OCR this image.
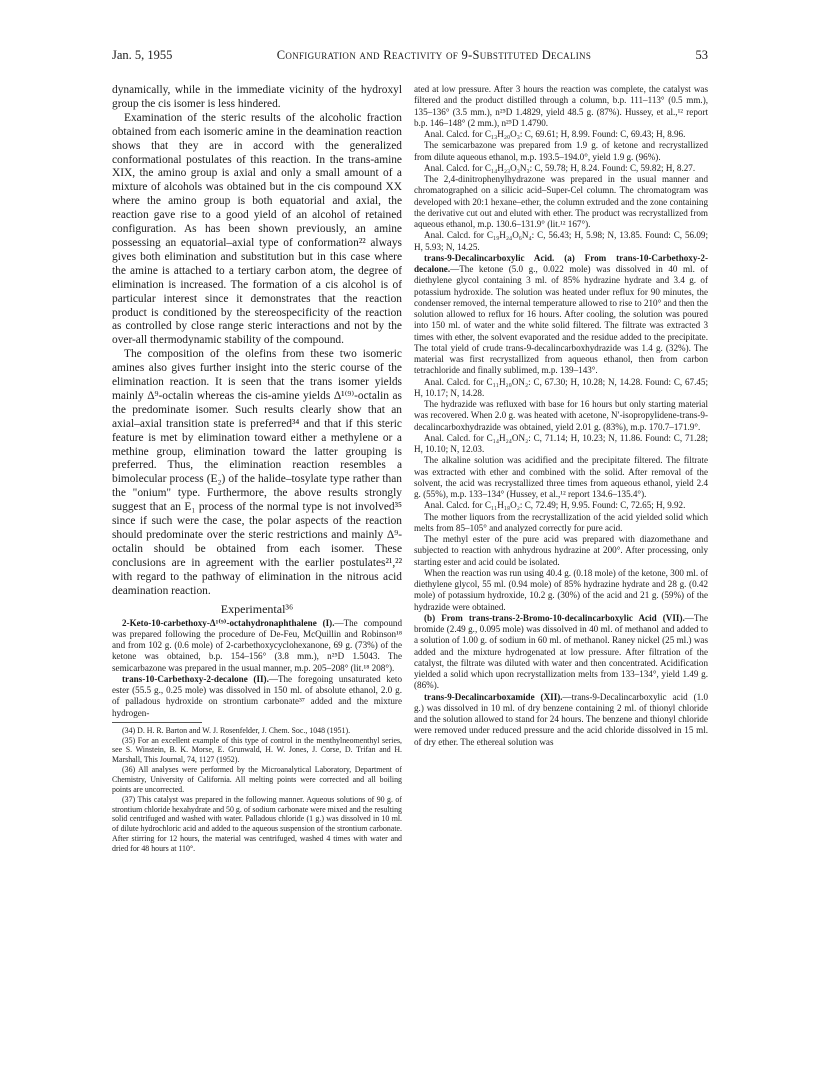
Jan. 5, 1955	Configuration and Reactivity of 9-Substituted Decalins	53

dynamically, while in the immediate vicinity of the hydroxyl group the cis isomer is less hindered.

Examination of the steric results of the alcoholic fraction obtained from each isomeric amine in the deamination reaction shows that they are in accord with the generalized conformational postulates of this reaction. In the trans-amine XIX, the amino group is axial and only a small amount of a mixture of alcohols was obtained but in the cis compound XX where the amino group is both equatorial and axial, the reaction gave rise to a good yield of an alcohol of retained configuration. As has been shown previously, an amine possessing an equatorial–axial type of conformation²² always gives both elimination and substitution but in this case where the amine is attached to a tertiary carbon atom, the degree of elimination is increased. The formation of a cis alcohol is of particular interest since it demonstrates that the reaction product is conditioned by the stereospecificity of the reaction as controlled by close range steric interactions and not by the over-all thermodynamic stability of the compound.

The composition of the olefins from these two isomeric amines also gives further insight into the steric course of the elimination reaction. It is seen that the trans isomer yields mainly Δ⁹-octalin whereas the cis-amine yields Δ¹⁽⁹⁾-octalin as the predominate isomer. Such results clearly show that an axial–axial transition state is preferred³⁴ and that if this steric feature is met by elimination toward either a methylene or a methine group, elimination toward the latter grouping is preferred. Thus, the elimination reaction resembles a bimolecular process (E₂) of the halide–tosylate type rather than the "onium" type. Furthermore, the above results strongly suggest that an E₁ process of the normal type is not involved³⁵ since if such were the case, the polar aspects of the reaction should predominate over the steric restrictions and mainly Δ⁹-octalin should be obtained from each isomer. These conclusions are in agreement with the earlier postulates²¹,²² with regard to the pathway of elimination in the nitrous acid deamination reaction.

Experimental³⁶

2-Keto-10-carbethoxy-Δ¹⁽⁹⁾-octahydronaphthalene (I).—The compound was prepared following the procedure of De-Feu, McQuillin and Robinson¹⁸ and from 102 g. (0.6 mole) of 2-carbethoxycyclohexanone, 69 g. (73%) of the ketone was obtained, b.p. 154–156° (3.8 mm.), n²⁵D 1.5043. The semicarbazone was prepared in the usual manner, m.p. 205–208° (lit.¹⁸ 208°).

trans-10-Carbethoxy-2-decalone (II).—The foregoing unsaturated keto ester (55.5 g., 0.25 mole) was dissolved in 150 ml. of absolute ethanol, 2.0 g. of palladous hydroxide on strontium carbonate³⁷ added and the mixture hydrogen-

(34) D. H. R. Barton and W. J. Rosenfelder, J. Chem. Soc., 1048 (1951).

(35) For an excellent example of this type of control in the menthylneomenthyl series, see S. Winstein, B. K. Morse, E. Grunwald, H. W. Jones, J. Corse, D. Trifan and H. Marshall, This Journal, 74, 1127 (1952).

(36) All analyses were performed by the Microanalytical Laboratory, Department of Chemistry, University of California. All melting points were corrected and all boiling points are uncorrected.

(37) This catalyst was prepared in the following manner. Aqueous solutions of 90 g. of strontium chloride hexahydrate and 50 g. of sodium carbonate were mixed and the resulting solid centrifuged and washed with water. Palladous chloride (1 g.) was dissolved in 10 ml. of dilute hydrochloric acid and added to the aqueous suspension of the strontium carbonate. After stirring for 12 hours, the material was centrifuged, washed 4 times with water and dried for 48 hours at 110°.

ated at low pressure. After 3 hours the reaction was complete, the catalyst was filtered and the product distilled through a column, b.p. 111–113° (0.5 mm.), 135–136° (3.5 mm.), n²⁵D 1.4829, yield 48.5 g. (87%). Hussey, et al.,¹² report b.p. 146–148° (2 mm.), n²⁵D 1.4790.

Anal. Calcd. for C₁₃H₂₀O₃: C, 69.61; H, 8.99. Found: C, 69.43; H, 8.96.

The semicarbazone was prepared from 1.9 g. of ketone and recrystallized from dilute aqueous ethanol, m.p. 193.5–194.0°, yield 1.9 g. (96%).

Anal. Calcd. for C₁₄H₂₃O₃N₃: C, 59.78; H, 8.24. Found: C, 59.82; H, 8.27.

The 2,4-dinitrophenylhydrazone was prepared in the usual manner and chromatographed on a silicic acid–Super-Cel column. The chromatogram was developed with 20:1 hexane–ether, the column extruded and the zone containing the derivative cut out and eluted with ether. The product was recrystallized from aqueous ethanol, m.p. 130.6–131.9° (lit.¹² 167°).

Anal. Calcd. for C₁₉H₂₄O₆N₄: C, 56.43; H, 5.98; N, 13.85. Found: C, 56.09; H, 5.93; N, 14.25.

trans-9-Decalincarboxylic Acid. (a) From trans-10-Carbethoxy-2-decalone.—The ketone (5.0 g., 0.022 mole) was dissolved in 40 ml. of diethylene glycol containing 3 ml. of 85% hydrazine hydrate and 3.4 g. of potassium hydroxide. The solution was heated under reflux for 90 minutes, the condenser removed, the internal temperature allowed to rise to 210° and then the solution allowed to reflux for 16 hours. After cooling, the solution was poured into 150 ml. of water and the white solid filtered. The filtrate was extracted 3 times with ether, the solvent evaporated and the residue added to the precipitate. The total yield of crude trans-9-decalincarboxhydrazide was 1.4 g. (32%). The material was first recrystallized from aqueous ethanol, then from carbon tetrachloride and finally sublimed, m.p. 139–143°.

Anal. Calcd. for C₁₁H₂₀ON₂: C, 67.30; H, 10.28; N, 14.28. Found: C, 67.45; H, 10.17; N, 14.28.

The hydrazide was refluxed with base for 16 hours but only starting material was recovered. When 2.0 g. was heated with acetone, N′-isopropylidene-trans-9-decalincarboxhydrazide was obtained, yield 2.01 g. (83%), m.p. 170.7–171.9°.

Anal. Calcd. for C₁₄H₂₄ON₂: C, 71.14; H, 10.23; N, 11.86. Found: C, 71.28; H, 10.10; N, 12.03.

The alkaline solution was acidified and the precipitate filtered. The filtrate was extracted with ether and combined with the solid. After removal of the solvent, the acid was recrystallized three times from aqueous ethanol, yield 2.4 g. (55%), m.p. 133–134° (Hussey, et al.,¹² report 134.6–135.4°).

Anal. Calcd. for C₁₁H₁₈O₂: C, 72.49; H, 9.95. Found: C, 72.65; H, 9.92.

The mother liquors from the recrystallization of the acid yielded solid which melts from 85–105° and analyzed correctly for pure acid.

The methyl ester of the pure acid was prepared with diazomethane and subjected to reaction with anhydrous hydrazine at 200°. After processing, only starting ester and acid could be isolated.

When the reaction was run using 40.4 g. (0.18 mole) of the ketone, 300 ml. of diethylene glycol, 55 ml. (0.94 mole) of 85% hydrazine hydrate and 28 g. (0.42 mole) of potassium hydroxide, 10.2 g. (30%) of the acid and 21 g. (59%) of the hydrazide were obtained.

(b) From trans-trans-2-Bromo-10-decalincarboxylic Acid (VII).—The bromide (2.49 g., 0.095 mole) was dissolved in 40 ml. of methanol and added to a solution of 1.00 g. of sodium in 60 ml. of methanol. Raney nickel (25 ml.) was added and the mixture hydrogenated at low pressure. After filtration of the catalyst, the filtrate was diluted with water and then concentrated. Acidification yielded a solid which upon recrystallization melts from 133–134°, yield 1.49 g. (86%).

trans-9-Decalincarboxamide (XII).—trans-9-Decalincarboxylic acid (1.0 g.) was dissolved in 10 ml. of dry benzene containing 2 ml. of thionyl chloride and the solution allowed to stand for 24 hours. The benzene and thionyl chloride were removed under reduced pressure and the acid chloride dissolved in 15 ml. of dry ether. The ethereal solution was
